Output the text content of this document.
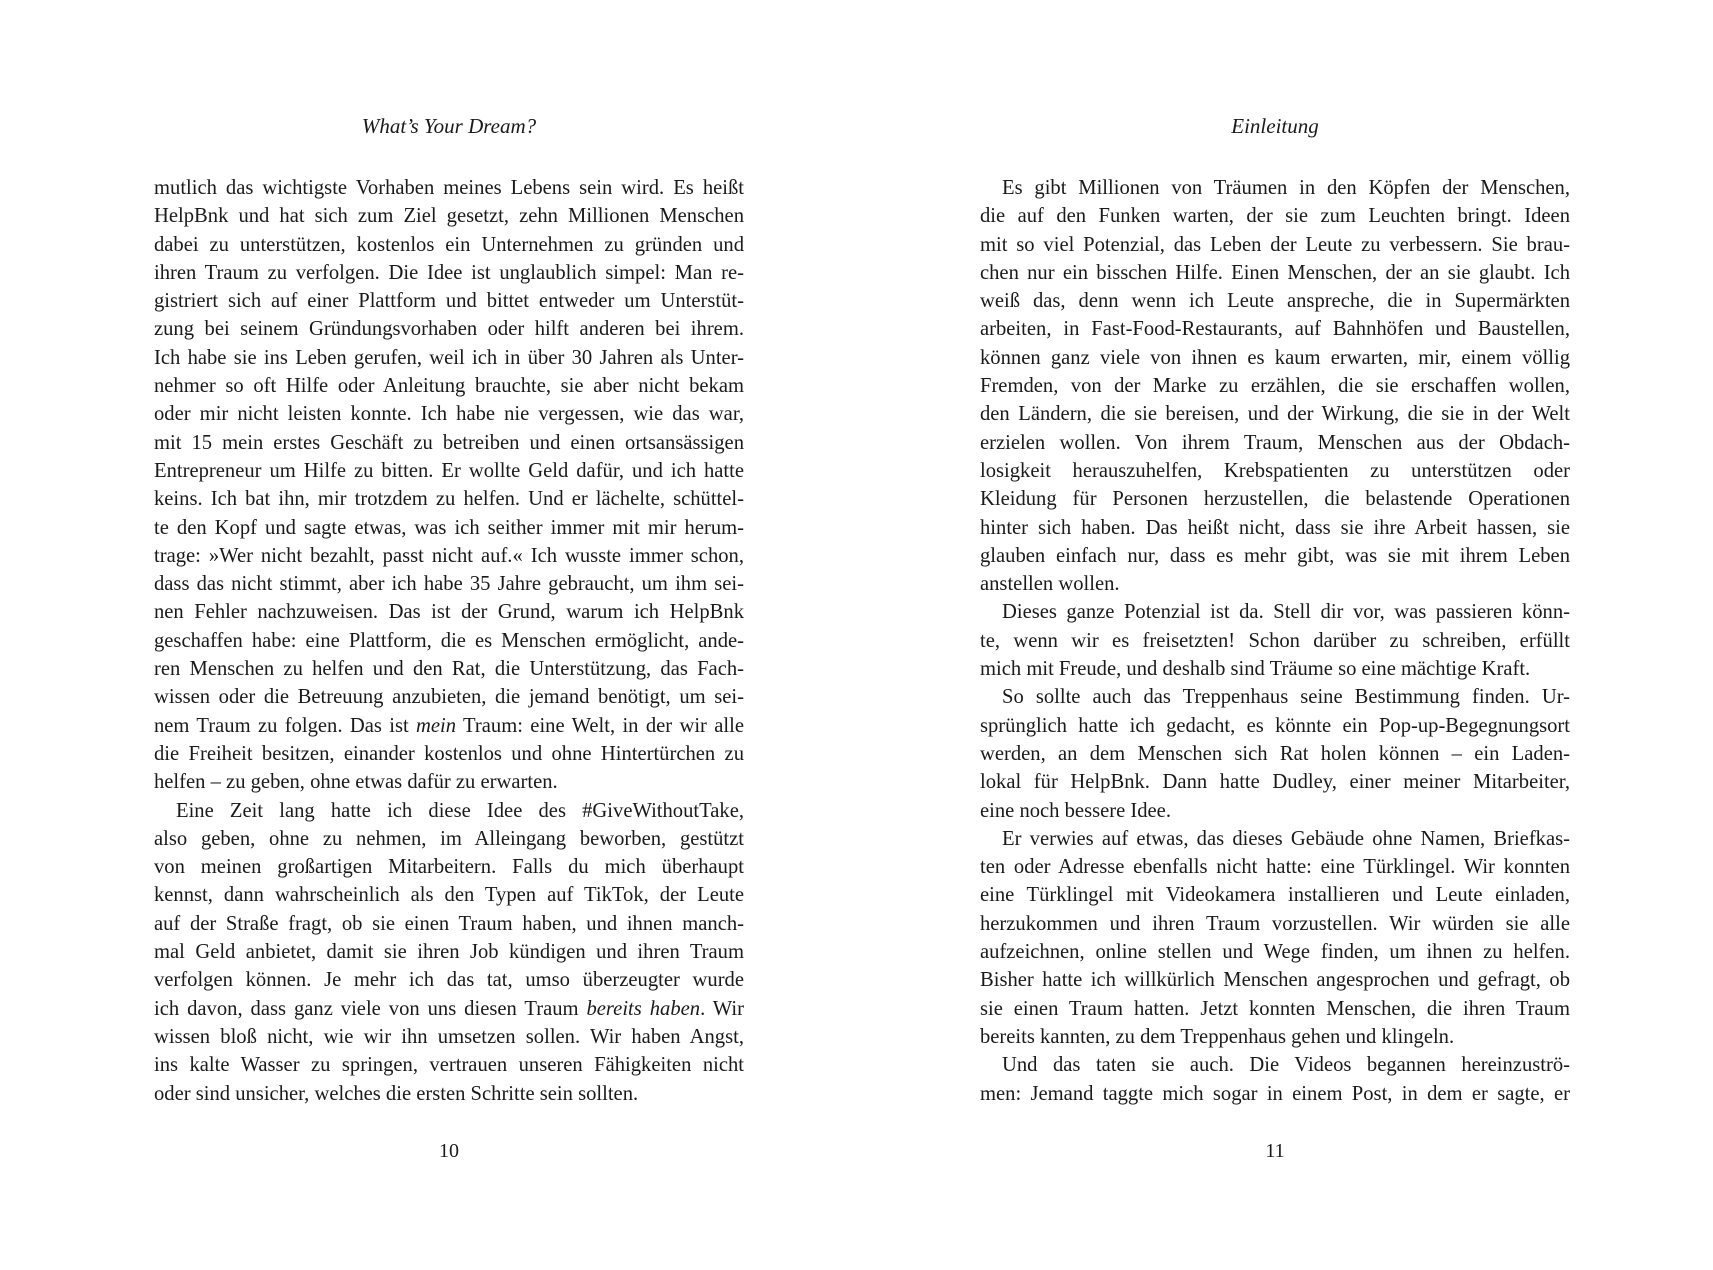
What’s Your Dream?
mutlich das wichtigste Vorhaben meines Lebens sein wird. Es heißt
HelpBnk und hat sich zum Ziel gesetzt, zehn Millionen Menschen
dabei zu unterstützen, kostenlos ein Unternehmen zu gründen und
ihren Traum zu verfolgen. Die Idee ist unglaublich simpel: Man re-
gistriert sich auf einer Plattform und bittet entweder um Unterstüt-
zung bei seinem Gründungsvorhaben oder hilft anderen bei ihrem.
Ich habe sie ins Leben gerufen, weil ich in über 30 Jahren als Unter-
nehmer so oft Hilfe oder Anleitung brauchte, sie aber nicht bekam
oder mir nicht leisten konnte. Ich habe nie vergessen, wie das war,
mit 15 mein erstes Geschäft zu betreiben und einen ortsansässigen
Entrepreneur um Hilfe zu bitten. Er wollte Geld dafür, und ich hatte
keins. Ich bat ihn, mir trotzdem zu helfen. Und er lächelte, schüttel-
te den Kopf und sagte etwas, was ich seither immer mit mir herum-
trage: »Wer nicht bezahlt, passt nicht auf.« Ich wusste immer schon,
dass das nicht stimmt, aber ich habe 35 Jahre gebraucht, um ihm sei-
nen Fehler nachzuweisen. Das ist der Grund, warum ich HelpBnk
geschaffen habe: eine Plattform, die es Menschen ermöglicht, ande-
ren Menschen zu helfen und den Rat, die Unterstützung, das Fach-
wissen oder die Betreuung anzubieten, die jemand benötigt, um sei-
nem Traum zu folgen. Das ist mein Traum: eine Welt, in der wir alle
die Freiheit besitzen, einander kostenlos und ohne Hintertürchen zu
helfen – zu geben, ohne etwas dafür zu erwarten.
Eine Zeit lang hatte ich diese Idee des #GiveWithoutTake,
also geben, ohne zu nehmen, im Alleingang beworben, gestützt
von meinen großartigen Mitarbeitern. Falls du mich überhaupt
kennst, dann wahrscheinlich als den Typen auf TikTok, der Leute
auf der Straße fragt, ob sie einen Traum haben, und ihnen manch-
mal Geld anbietet, damit sie ihren Job kündigen und ihren Traum
verfolgen können. Je mehr ich das tat, umso überzeugter wurde
ich davon, dass ganz viele von uns diesen Traum bereits haben. Wir
wissen bloß nicht, wie wir ihn umsetzen sollen. Wir haben Angst,
ins kalte Wasser zu springen, vertrauen unseren Fähigkeiten nicht
oder sind unsicher, welches die ersten Schritte sein sollten.
10
Einleitung
Es gibt Millionen von Träumen in den Köpfen der Menschen,
die auf den Funken warten, der sie zum Leuchten bringt. Ideen
mit so viel Potenzial, das Leben der Leute zu verbessern. Sie brau-
chen nur ein bisschen Hilfe. Einen Menschen, der an sie glaubt. Ich
weiß das, denn wenn ich Leute anspreche, die in Supermärkten
arbeiten, in Fast-Food-Restaurants, auf Bahnhöfen und Baustellen,
können ganz viele von ihnen es kaum erwarten, mir, einem völlig
Fremden, von der Marke zu erzählen, die sie erschaffen wollen,
den Ländern, die sie bereisen, und der Wirkung, die sie in der Welt
erzielen wollen. Von ihrem Traum, Menschen aus der Obdach-
losigkeit herauszuhelfen, Krebspatienten zu unterstützen oder
Kleidung für Personen herzustellen, die belastende Operationen
hinter sich haben. Das heißt nicht, dass sie ihre Arbeit hassen, sie
glauben einfach nur, dass es mehr gibt, was sie mit ihrem Leben
anstellen wollen.
Dieses ganze Potenzial ist da. Stell dir vor, was passieren könn-
te, wenn wir es freisetzten! Schon darüber zu schreiben, erfüllt
mich mit Freude, und deshalb sind Träume so eine mächtige Kraft.
So sollte auch das Treppenhaus seine Bestimmung finden. Ur-
sprünglich hatte ich gedacht, es könnte ein Pop-up-Begegnungsort
werden, an dem Menschen sich Rat holen können – ein Laden-
lokal für HelpBnk. Dann hatte Dudley, einer meiner Mitarbeiter,
eine noch bessere Idee.
Er verwies auf etwas, das dieses Gebäude ohne Namen, Briefkas-
ten oder Adresse ebenfalls nicht hatte: eine Türklingel. Wir konnten
eine Türklingel mit Videokamera installieren und Leute einladen,
herzukommen und ihren Traum vorzustellen. Wir würden sie alle
aufzeichnen, online stellen und Wege finden, um ihnen zu helfen.
Bisher hatte ich willkürlich Menschen angesprochen und gefragt, ob
sie einen Traum hatten. Jetzt konnten Menschen, die ihren Traum
bereits kannten, zu dem Treppenhaus gehen und klingeln.
Und das taten sie auch. Die Videos begannen hereinzuströ-
men: Jemand taggte mich sogar in einem Post, in dem er sagte, er
11
